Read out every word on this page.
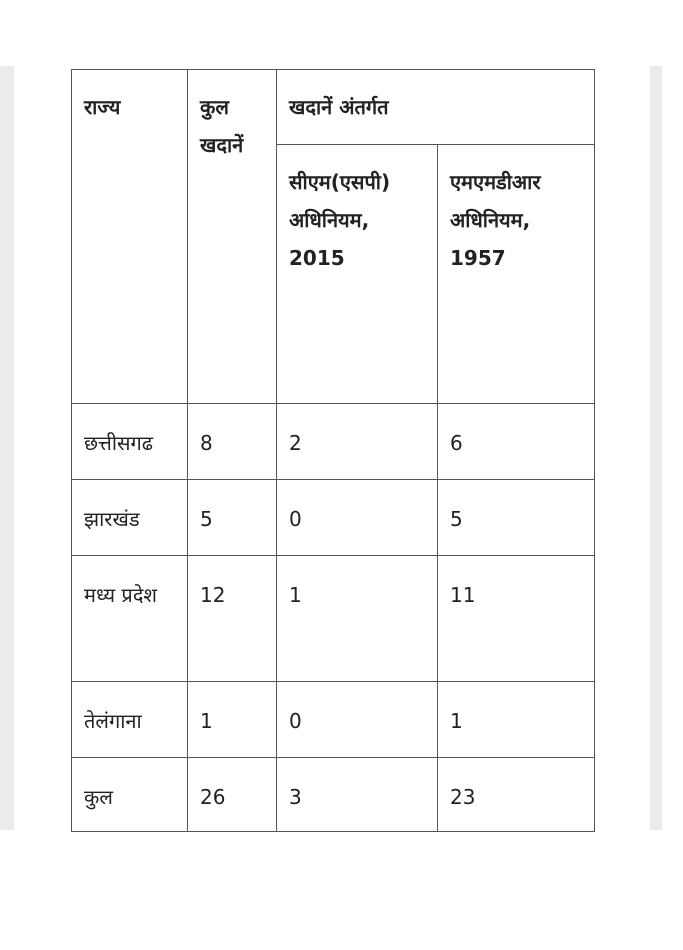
राज्य	कुल खदानें	खदानें अंतर्गत	
		सीएम(एसपी) अधिनियम, 2015	एमएमडीआर अधिनियम, 1957
छत्तीसगढ	8	2	6
झारखंड	5	0	5
मध्य प्रदेश	12	1	11
तेलंगाना	1	0	1
कुल	26	3	23
